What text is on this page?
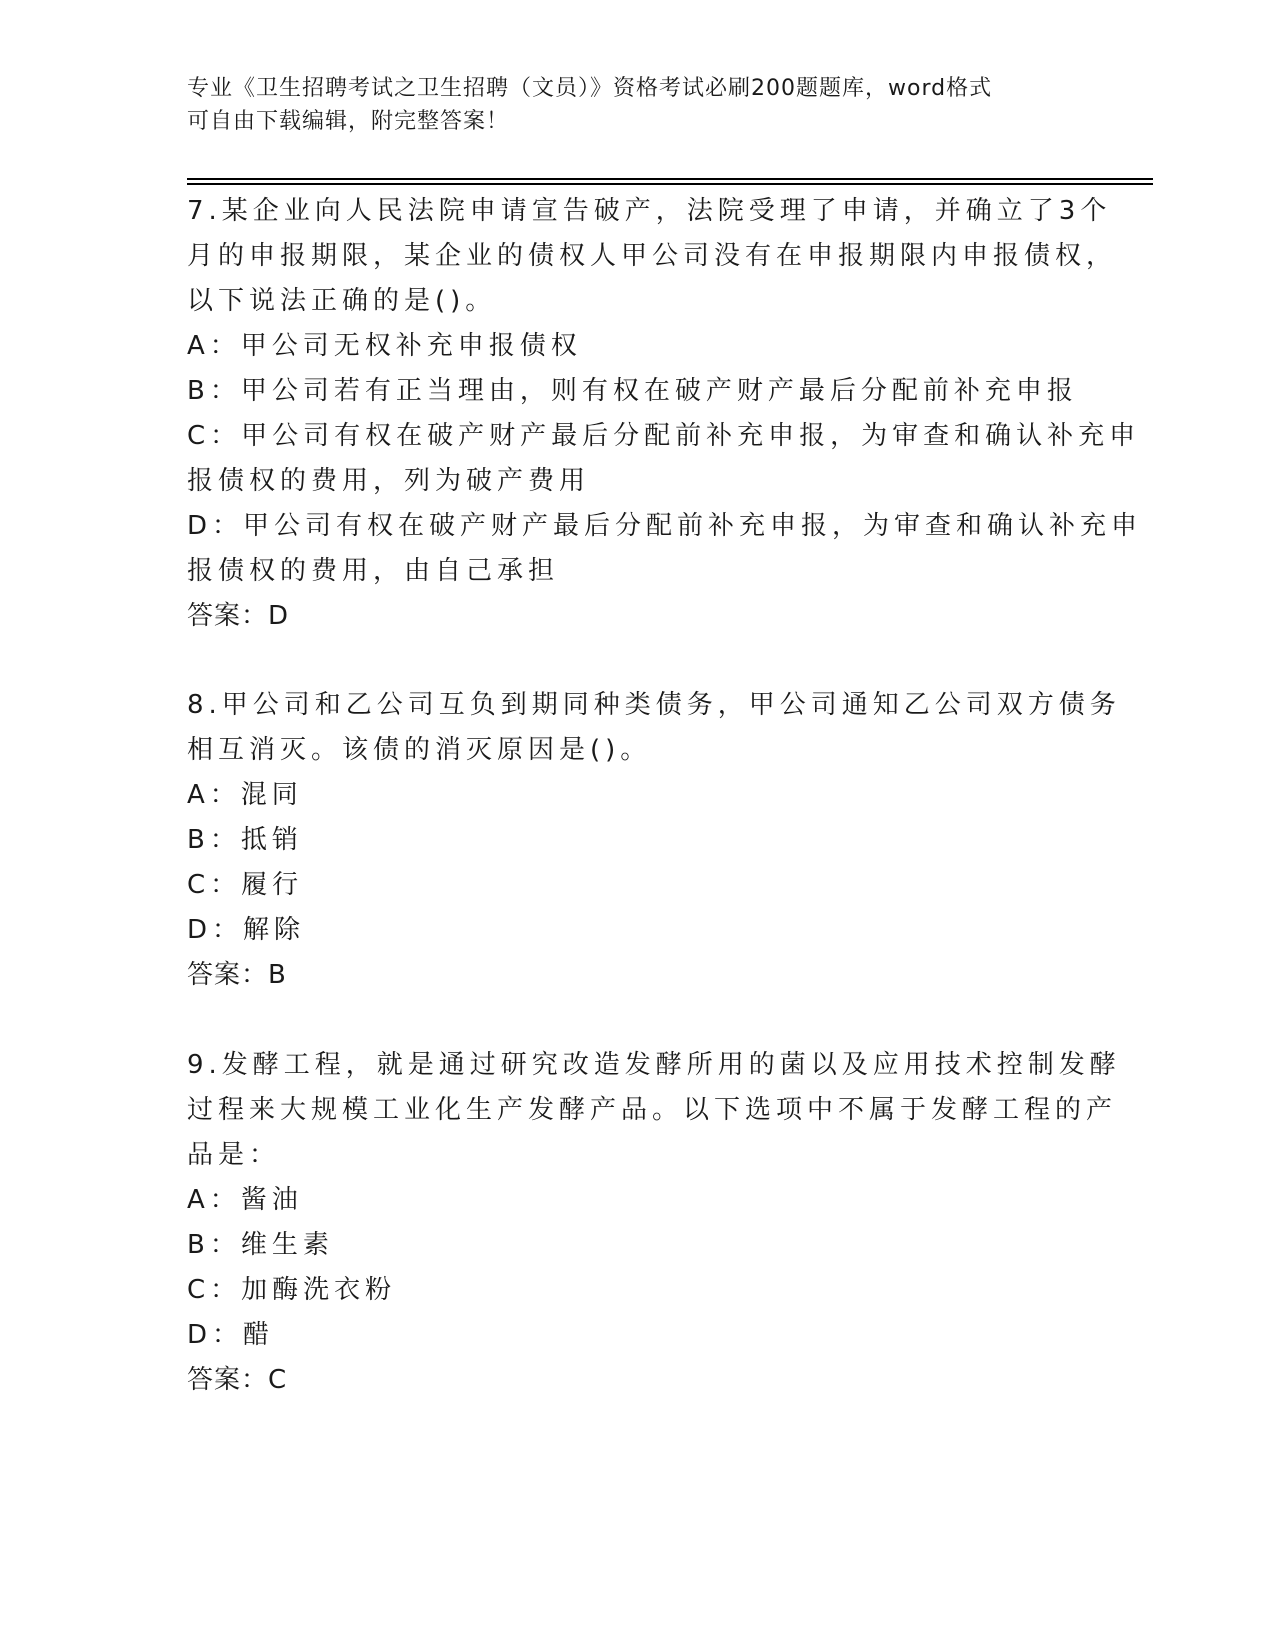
专业《卫生招聘考试之卫生招聘（文员）》资格考试必刷200题题库，word格式
可自由下载编辑，附完整答案！
7.某企业向人民法院申请宣告破产，法院受理了申请，并确立了3个
月的申报期限，某企业的债权人甲公司没有在申报期限内申报债权，
以下说法正确的是()。
A：甲公司无权补充申报债权
B：甲公司若有正当理由，则有权在破产财产最后分配前补充申报
C：甲公司有权在破产财产最后分配前补充申报，为审查和确认补充申
报债权的费用，列为破产费用
D：甲公司有权在破产财产最后分配前补充申报，为审查和确认补充申
报债权的费用，由自己承担
答案：D
8.甲公司和乙公司互负到期同种类债务，甲公司通知乙公司双方债务
相互消灭。该债的消灭原因是()。
A：混同
B：抵销
C：履行
D：解除
答案：B
9.发酵工程，就是通过研究改造发酵所用的菌以及应用技术控制发酵
过程来大规模工业化生产发酵产品。以下选项中不属于发酵工程的产
品是：
A：酱油
B：维生素
C：加酶洗衣粉
D：醋
答案：C
